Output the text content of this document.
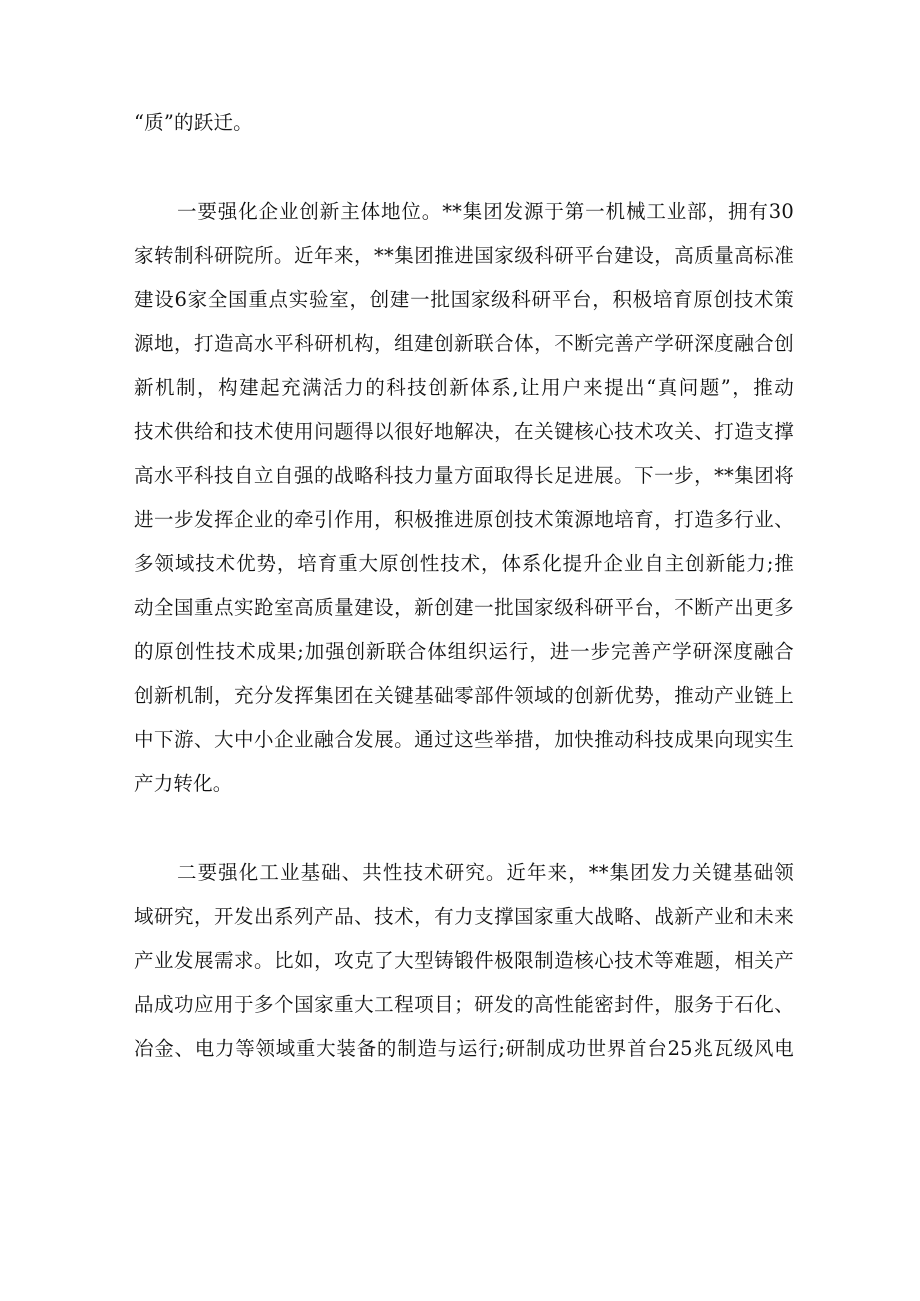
“质”的跃迁。
一要强化企业创新主体地位。**集团发源于第一机械工业部，拥有30
家转制科研院所。近年来，**集团推进国家级科研平台建设，高质量高标准
建设6家全国重点实验室，创建一批国家级科研平台，积极培育原创技术策
源地，打造高水平科研机构，组建创新联合体，不断完善产学研深度融合创
新机制，构建起充满活力的科技创新体系,让用户来提出“真问题”，推动
技术供给和技术使用问题得以很好地解决，在关键核心技术攻关、打造支撑
高水平科技自立自强的战略科技力量方面取得长足进展。下一步，**集团将
进一步发挥企业的牵引作用，积极推进原创技术策源地培育，打造多行业、
多领域技术优势，培育重大原创性技术，体系化提升企业自主创新能力;推
动全国重点实跄室高质量建设，新创建一批国家级科研平台，不断产出更多
的原创性技术成果;加强创新联合体组织运行，进一步完善产学研深度融合
创新机制，充分发挥集团在关键基础零部件领域的创新优势，推动产业链上
中下游、大中小企业融合发展。通过这些举措，加快推动科技成果向现实生
产力转化。
二要强化工业基础、共性技术研究。近年来，**集团发力关键基础领
域研究，开发出系列产品、技术，有力支撑国家重大战略、战新产业和未来
产业发展需求。比如，攻克了大型铸锻件极限制造核心技术等难题，相关产
品成功应用于多个国家重大工程项目；研发的高性能密封件，服务于石化、
冶金、电力等领域重大装备的制造与运行;研制成功世界首台25兆瓦级风电
